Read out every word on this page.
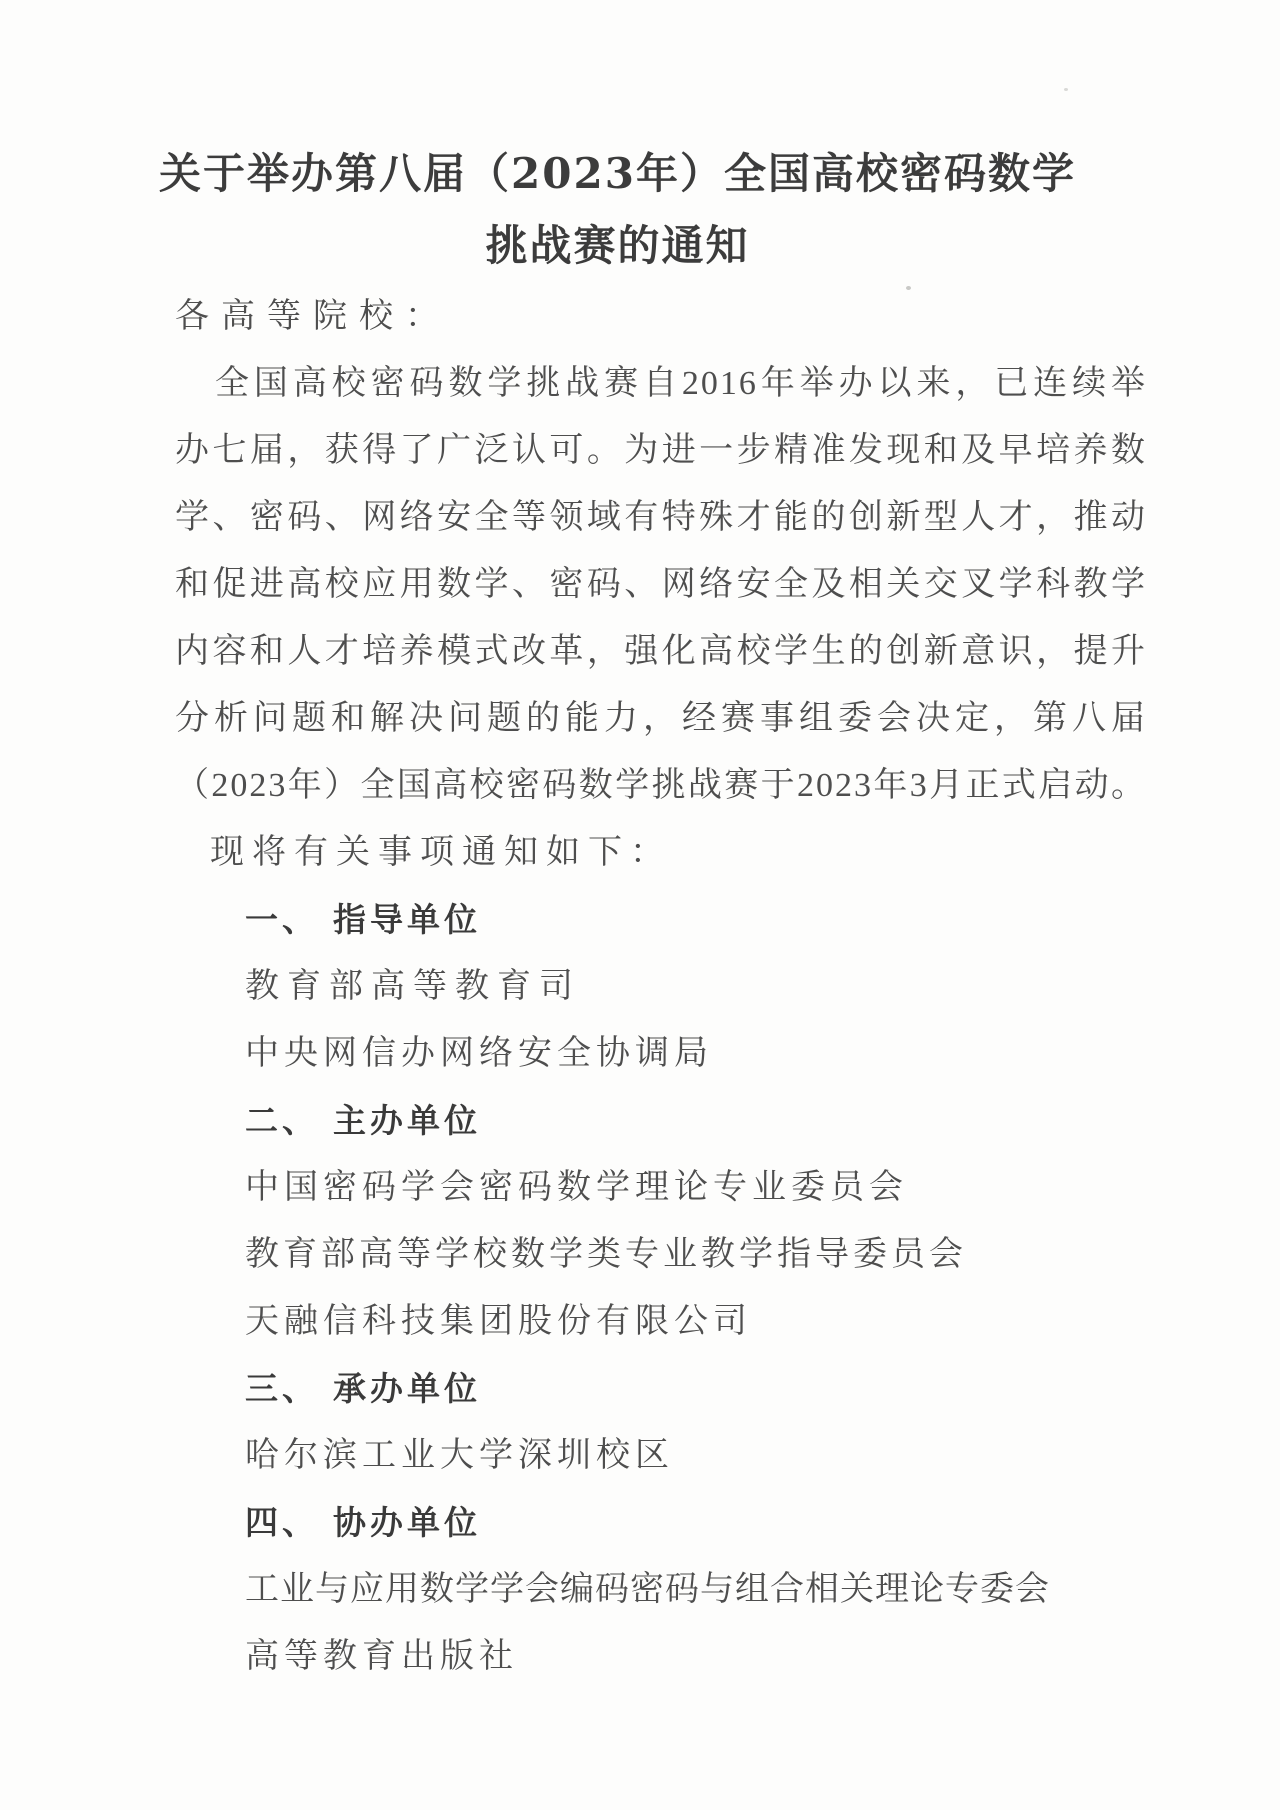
关于举办第八届（2023年）全国高校密码数学
挑战赛的通知
各高等院校：
全国高校密码数学挑战赛自2016年举办以来，已连续举
办七届，获得了广泛认可。为进一步精准发现和及早培养数
学、密码、网络安全等领域有特殊才能的创新型人才，推动
和促进高校应用数学、密码、网络安全及相关交叉学科教学
内容和人才培养模式改革，强化高校学生的创新意识，提升
分析问题和解决问题的能力，经赛事组委会决定，第八届
（2023年）全国高校密码数学挑战赛于2023年3月正式启动。
现将有关事项通知如下：
一、 指导单位
教育部高等教育司
中央网信办网络安全协调局
二、 主办单位
中国密码学会密码数学理论专业委员会
教育部高等学校数学类专业教学指导委员会
天融信科技集团股份有限公司
三、 承办单位
哈尔滨工业大学深圳校区
四、 协办单位
工业与应用数学学会编码密码与组合相关理论专委会
高等教育出版社
